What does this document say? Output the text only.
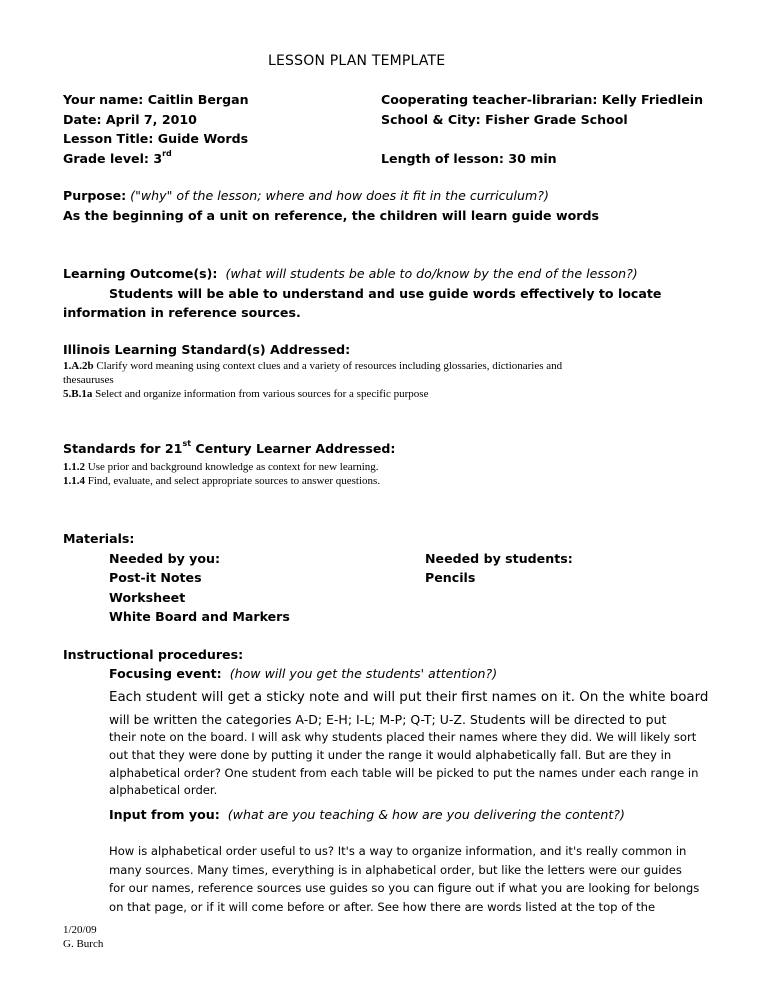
LESSON PLAN TEMPLATE
Your name: Caitlin Bergan
Date: April 7, 2010
Lesson Title: Guide Words
Grade level: 3rd
Cooperating teacher-librarian: Kelly Friedlein
School & City: Fisher Grade School
Length of lesson: 30 min
Purpose: ("why" of the lesson; where and how does it fit in the curriculum?)
As the beginning of a unit on reference, the children will learn guide words
Learning Outcome(s): (what will students be able to do/know by the end of the lesson?)
Students will be able to understand and use guide words effectively to locate
information in reference sources.
Illinois Learning Standard(s) Addressed:
1.A.2b Clarify word meaning using context clues and a variety of resources including glossaries, dictionaries and
thesauruses
5.B.1a Select and organize information from various sources for a specific purpose
Standards for 21st Century Learner Addressed:
1.1.2 Use prior and background knowledge as context for new learning.
1.1.4 Find, evaluate, and select appropriate sources to answer questions.
Materials:
Needed by you:
Post-it Notes
Worksheet
White Board and Markers
Needed by students:
Pencils
Instructional procedures:
Focusing event: (how will you get the students' attention?)
Each student will get a sticky note and will put their first names on it. On the white board
will be written the categories A-D; E-H; I-L; M-P; Q-T; U-Z. Students will be directed to put
their note on the board. I will ask why students placed their names where they did. We will likely sort
out that they were done by putting it under the range it would alphabetically fall. But are they in
alphabetical order? One student from each table will be picked to put the names under each range in
alphabetical order.
Input from you: (what are you teaching & how are you delivering the content?)
How is alphabetical order useful to us? It's a way to organize information, and it's really common in
many sources. Many times, everything is in alphabetical order, but like the letters were our guides
for our names, reference sources use guides so you can figure out if what you are looking for belongs
on that page, or if it will come before or after. See how there are words listed at the top of the
1/20/09
G. Burch
